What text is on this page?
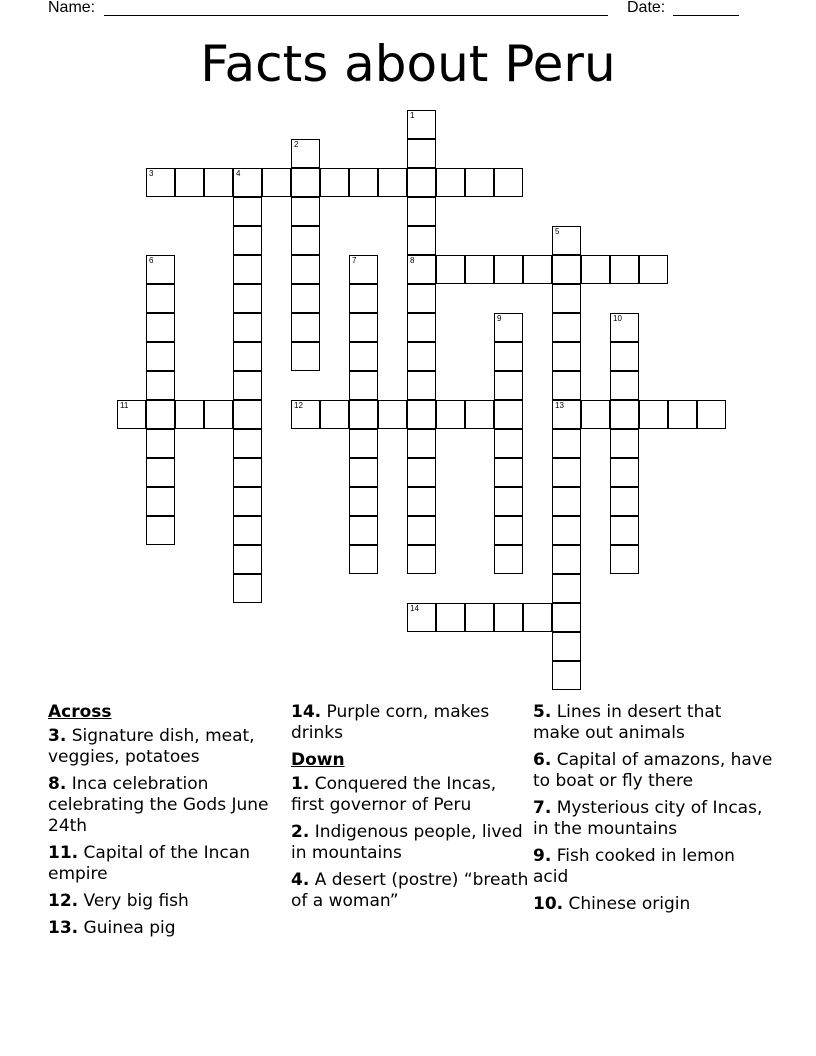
Name:	Date:
Facts about Peru
1
8
2
3	4
5
13
6	7
9	10
11	12
14
Across
3. Signature dish, meat, veggies, potatoes
8. Inca celebration celebrating the Gods June 24th
11. Capital of the Incan empire
12. Very big fish
13. Guinea pig
14. Purple corn, makes drinks
Down
1. Conquered the Incas, first governor of Peru
2. Indigenous people, lived in mountains
4. A desert (postre) “breath of a woman”
5. Lines in desert that make out animals
6. Capital of amazons, have to boat or fly there
7. Mysterious city of Incas, in the mountains
9. Fish cooked in lemon acid
10. Chinese origin
